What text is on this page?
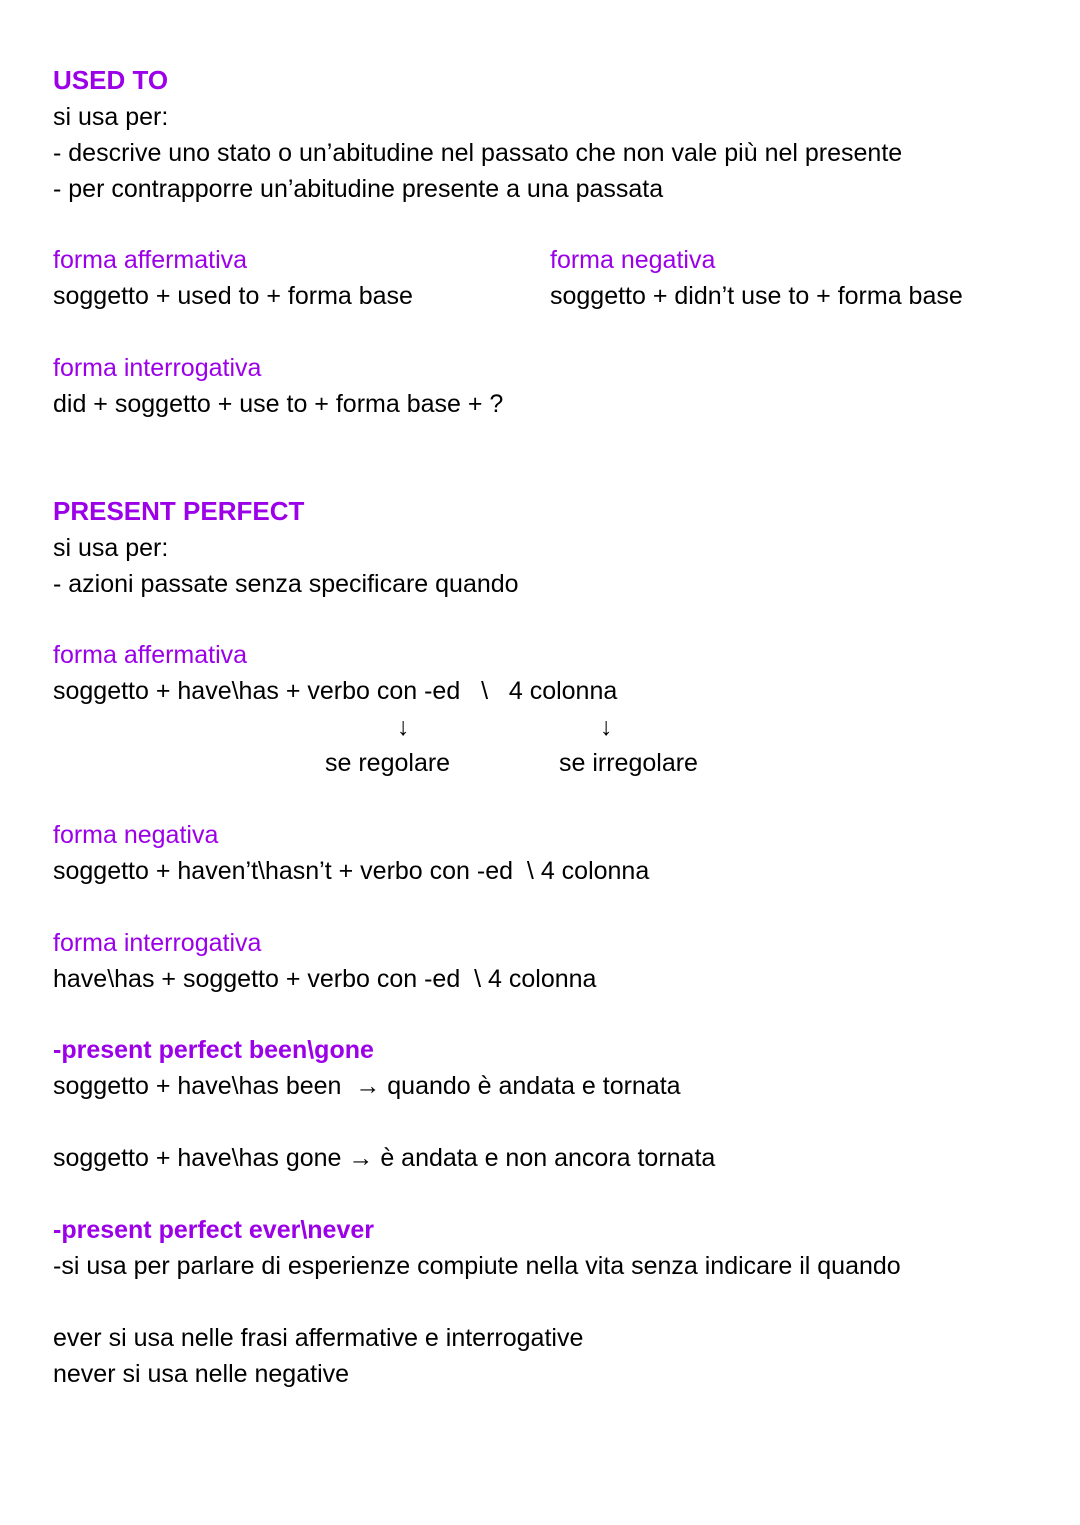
USED TO
si usa per:
- descrive uno stato o un’abitudine nel passato che non vale più nel presente
- per contrapporre un’abitudine presente a una passata
forma affermativa
soggetto + used to + forma base
forma negativa
soggetto + didn’t use to + forma base
forma interrogativa
did + soggetto + use to + forma base + ?
PRESENT PERFECT
si usa per:
- azioni passate senza specificare quando
forma affermativa
soggetto + have\has + verbo con -ed   \   4 colonna
↓	↓
se regolare	se irregolare
forma negativa
soggetto + haven’t\hasn’t + verbo con -ed  \ 4 colonna
forma interrogativa
have\has + soggetto + verbo con -ed  \ 4 colonna
-present perfect been\gone
soggetto + have\has been  → quando è andata e tornata
soggetto + have\has gone → è andata e non ancora tornata
-present perfect ever\never
-si usa per parlare di esperienze compiute nella vita senza indicare il quando
ever si usa nelle frasi affermative e interrogative
never si usa nelle negative
